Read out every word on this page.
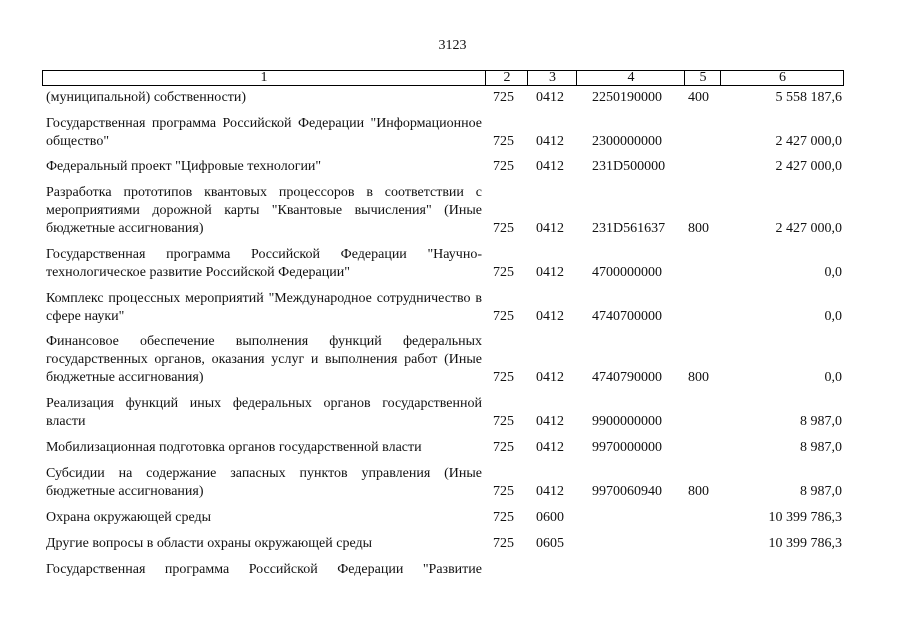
3123
1	2	3	4	5	6
(муниципальной) собственности)	725 0412 2250190000 400	5 558 187,6
Государственная программа Российской Федерации "Информационное общество"	725 0412 2300000000	2 427 000,0
Федеральный проект "Цифровые технологии"	725 0412 231D500000	2 427 000,0
Разработка прототипов квантовых процессоров в соответствии с мероприятиями дорожной карты "Квантовые вычисления" (Иные бюджетные ассигнования)	725 0412 231D561637 800	2 427 000,0
Государственная программа Российской Федерации "Научно-технологическое развитие Российской Федерации"	725 0412 4700000000	0,0
Комплекс процессных мероприятий "Международное сотрудничество в сфере науки"	725 0412 4740700000	0,0
Финансовое обеспечение выполнения функций федеральных государственных органов, оказания услуг и выполнения работ (Иные бюджетные ассигнования)	725 0412 4740790000 800	0,0
Реализация функций иных федеральных органов государственной власти	725 0412 9900000000	8 987,0
Мобилизационная подготовка органов государственной власти	725 0412 9970000000	8 987,0
Субсидии на содержание запасных пунктов управления (Иные бюджетные ассигнования)	725 0412 9970060940 800	8 987,0
Охрана окружающей среды	725 0600	10 399 786,3
Другие вопросы в области охраны окружающей среды	725 0605	10 399 786,3
Государственная программа Российской Федерации "Развитие
